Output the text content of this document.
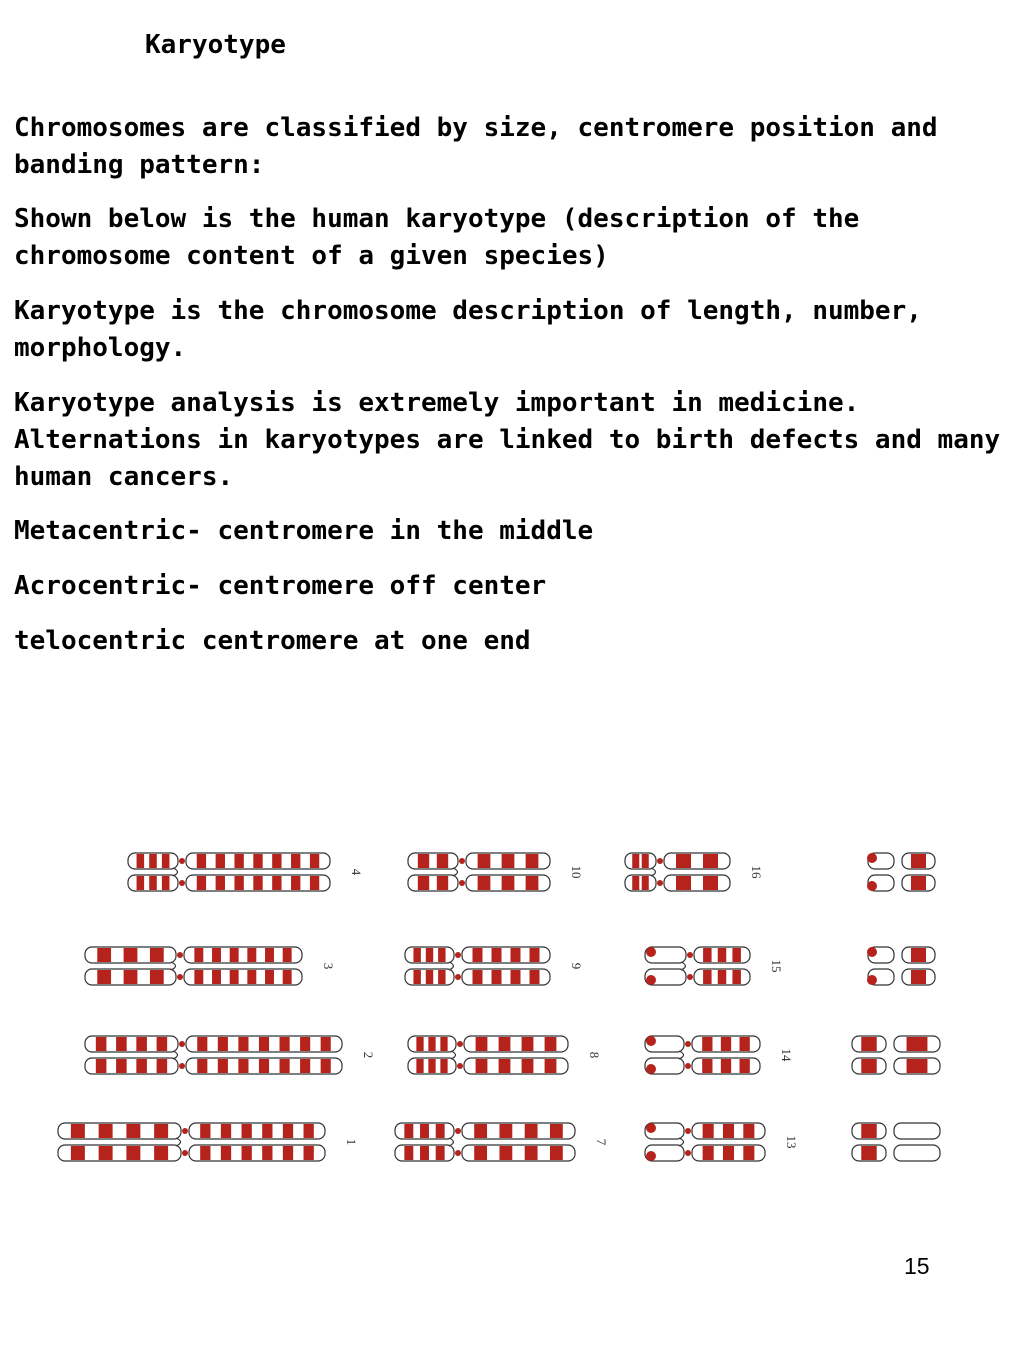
Karyotype

Chromosomes are classified by size, centromere position and banding pattern:

Shown below is the human karyotype (description of the chromosome content of a given species)

Karyotype is the chromosome description of length, number, morphology.

Karyotype analysis is extremely important in medicine. Alternations in karyotypes are linked to birth defects and many human cancers.

Metacentric- centromere in the middle

Acrocentric- centromere off center

telocentric centromere at one end

4	10	16
3	9	15
2	8	14
1	7	13
15
